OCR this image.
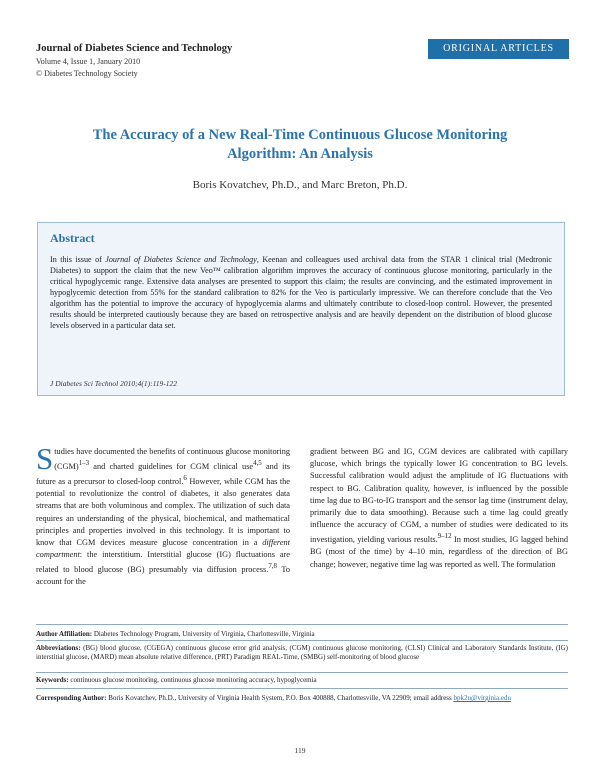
Journal of Diabetes Science and Technology
Volume 4, Issue 1, January 2010
© Diabetes Technology Society
ORIGINAL ARTICLES
The Accuracy of a New Real-Time Continuous Glucose Monitoring
Algorithm: An Analysis
Boris Kovatchev, Ph.D., and Marc Breton, Ph.D.
Abstract
In this issue of Journal of Diabetes Science and Technology, Keenan and colleagues used archival data from the STAR 1 clinical trial (Medtronic Diabetes) to support the claim that the new Veo™ calibration algorithm improves the accuracy of continuous glucose monitoring, particularly in the critical hypoglycemic range. Extensive data analyses are presented to support this claim; the results are convincing, and the estimated improvement in hypoglycemic detection from 55% for the standard calibration to 82% for the Veo is particularly impressive. We can therefore conclude that the Veo algorithm has the potential to improve the accuracy of hypoglycemia alarms and ultimately contribute to closed-loop control. However, the presented results should be interpreted cautiously because they are based on retrospective analysis and are heavily dependent on the distribution of blood glucose levels observed in a particular data set.
J Diabetes Sci Technol 2010;4(1):119-122
Studies have documented the benefits of continuous glucose monitoring (CGM)$^{1-3}$ and charted guidelines for CGM clinical use$^{4,5}$ and its future as a precursor to closed-loop control.$^6$ However, while CGM has the potential to revolutionize the control of diabetes, it also generates data streams that are both voluminous and complex. The utilization of such data requires an understanding of the physical, biochemical, and mathematical principles and properties involved in this technology. It is important to know that CGM devices measure glucose concentration in a different compartment: the interstitium. Interstitial glucose (IG) fluctuations are related to blood glucose (BG) presumably via diffusion process.$^{7,8}$ To account for the
gradient between BG and IG, CGM devices are calibrated with capillary glucose, which brings the typically lower IG concentration to BG levels. Successful calibration would adjust the amplitude of IG fluctuations with respect to BG. Calibration quality, however, is influenced by the possible time lag due to BG-to-IG transport and the sensor lag time (instrument delay, primarily due to data smoothing). Because such a time lag could greatly influence the accuracy of CGM, a number of studies were dedicated to its investigation, yielding various results.$^{9-12}$ In most studies, IG lagged behind BG (most of the time) by 4–10 min, regardless of the direction of BG change; however, negative time lag was reported as well. The formulation
Author Affiliation: Diabetes Technology Program, University of Virginia, Charlottesville, Virginia
Abbreviations: (BG) blood glucose, (CGEGA) continuous glucose error grid analysis, (CGM) continuous glucose monitoring, (CLSI) Clinical and Laboratory Standards Institute, (IG) interstitial glucose, (MARD) mean absolute relative difference, (PRT) Paradigm REAL-Time, (SMBG) self-monitoring of blood glucose
Keywords: continuous glucose monitoring, continuous glucose monitoring accuracy, hypoglycemia
Corresponding Author: Boris Kovatchev, Ph.D., University of Virginia Health System, P.O. Box 400888, Charlottesville, VA 22909; email address bpk2u@virginia.edu
119
